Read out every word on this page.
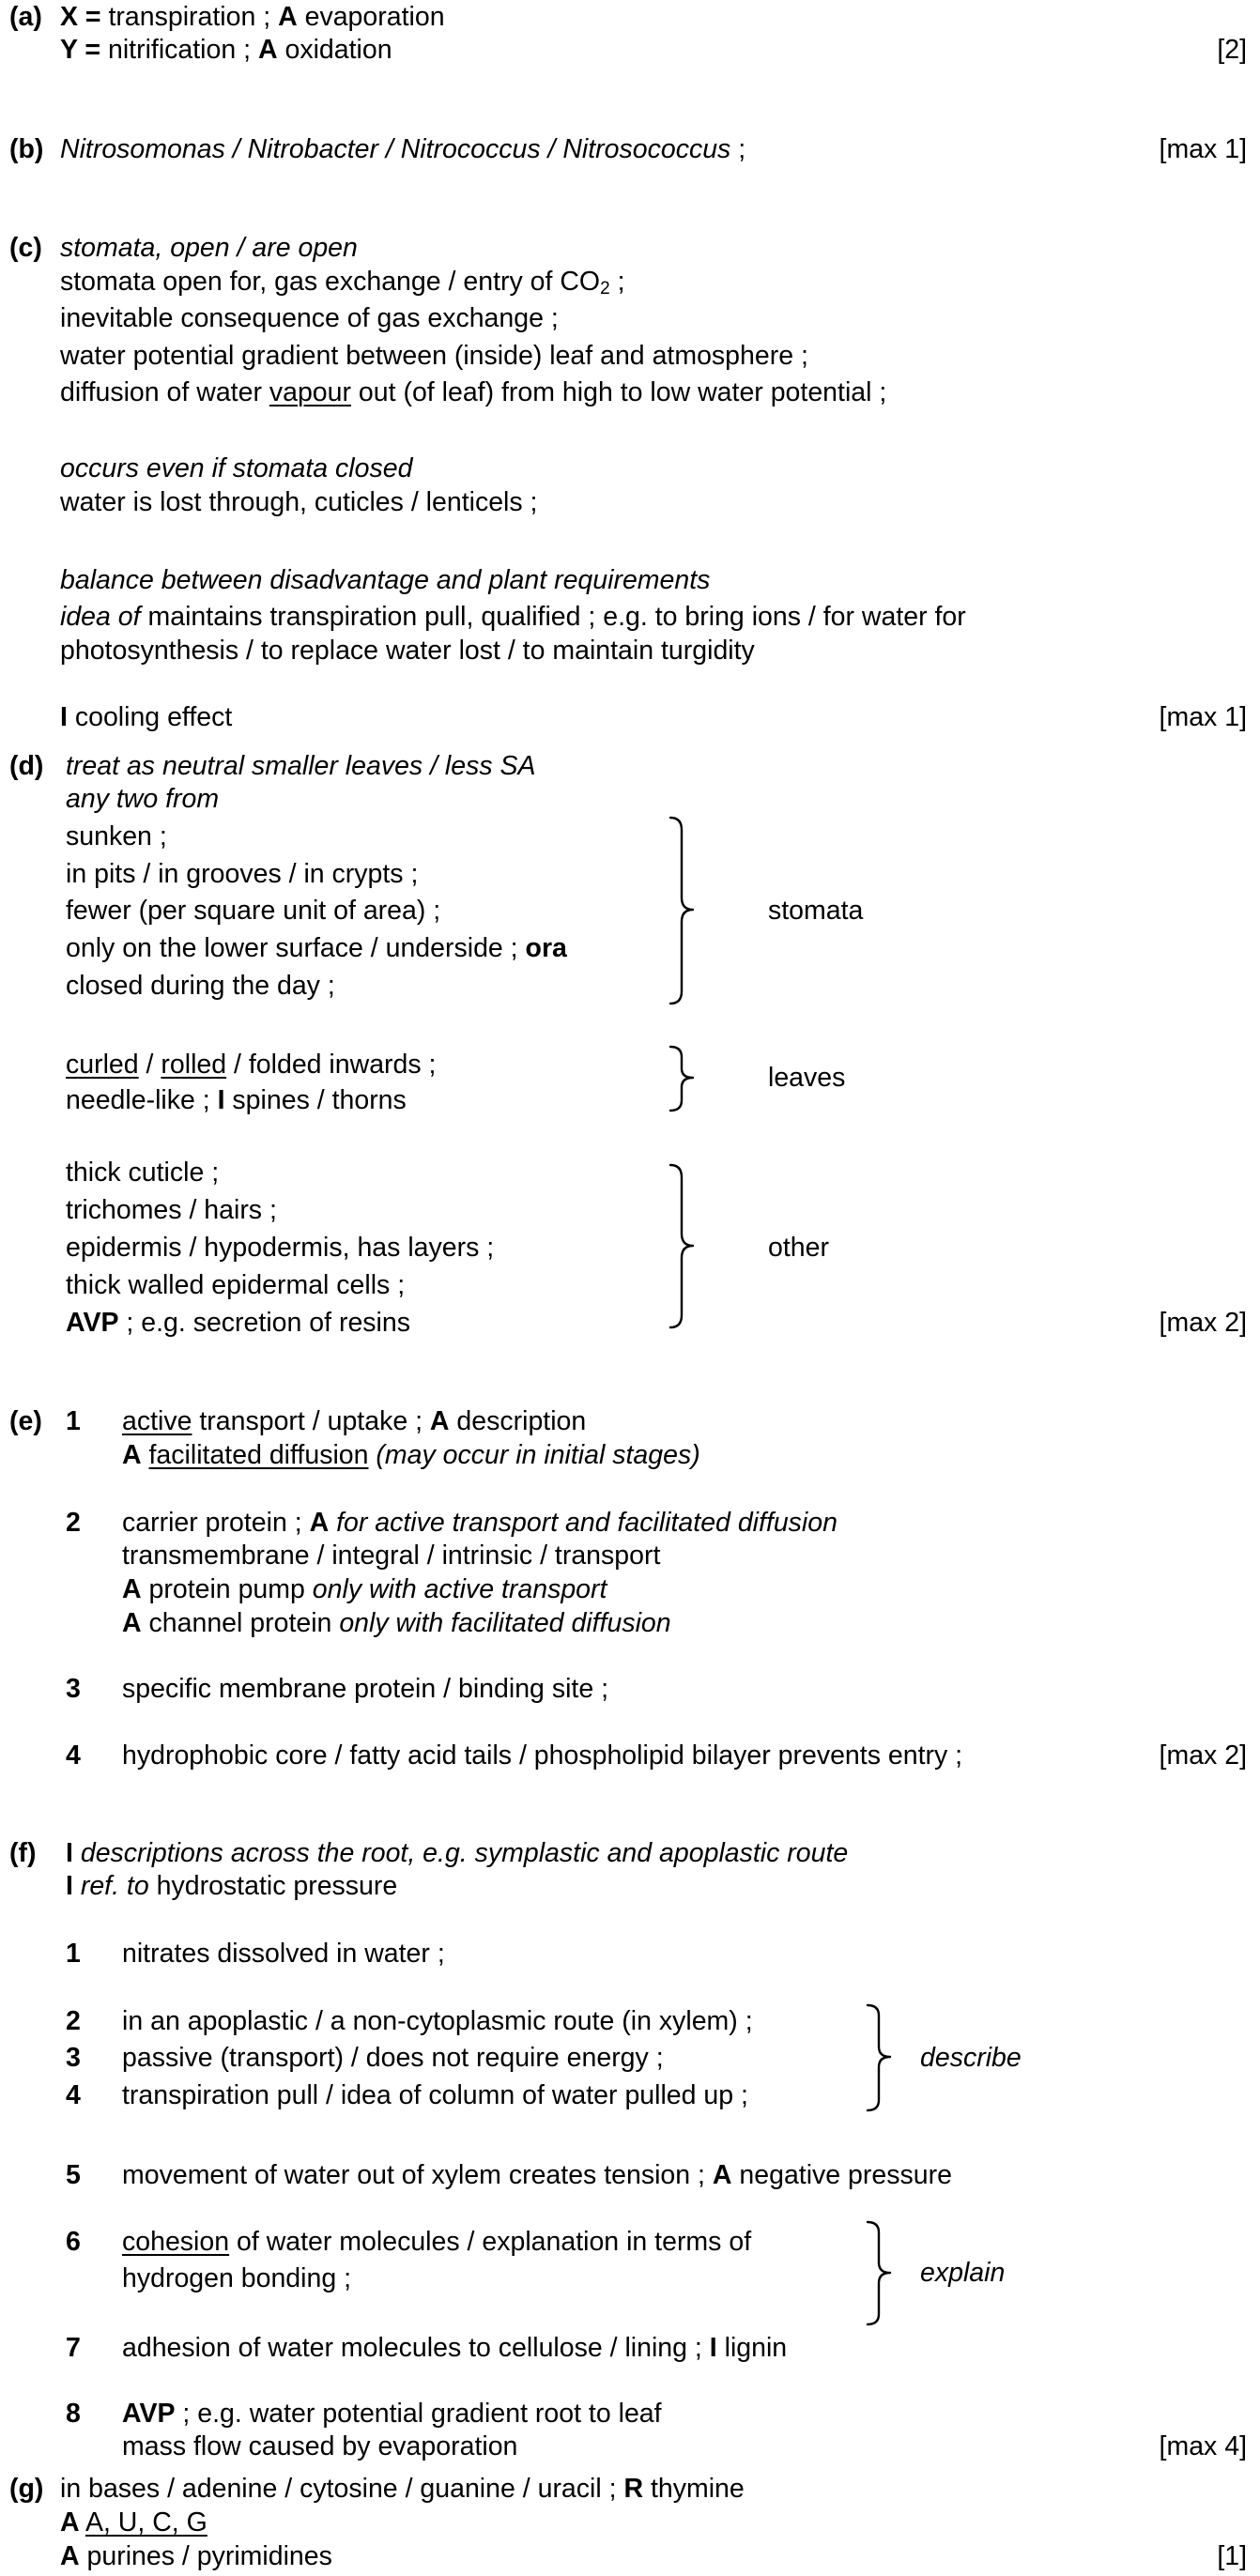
(a) X = transpiration ; A evaporation
Y = nitrification ; A oxidation	[2]
(b) Nitrosomonas / Nitrobacter / Nitrococcus / Nitrosococcus ;	[max 1]
(c) stomata, open / are open
stomata open for, gas exchange / entry of $CO_2$ ;
inevitable consequence of gas exchange ;
water potential gradient between (inside) leaf and atmosphere ;
diffusion of water vapour out (of leaf) from high to low water potential ;
occurs even if stomata closed
water is lost through, cuticles / lenticels ;
balance between disadvantage and plant requirements
idea of maintains transpiration pull, qualified ; e.g. to bring ions / for water for
photosynthesis / to replace water lost / to maintain turgidity
I cooling effect	[max 1]
(d) treat as neutral smaller leaves / less SA
any two from
sunken ;
in pits / in grooves / in crypts ;
fewer (per square unit of area) ;
only on the lower surface / underside ; ora
closed during the day ;
stomata
curled / rolled / folded inwards ;
needle-like ; I spines / thorns
leaves
thick cuticle ;
trichomes / hairs ;
epidermis / hypodermis, has layers ;
thick walled epidermal cells ;
AVP ; e.g. secretion of resins
other
[max 2]
(e) 1 active transport / uptake ; A description
A facilitated diffusion (may occur in initial stages)
2 carrier protein ; A for active transport and facilitated diffusion
transmembrane / integral / intrinsic / transport
A protein pump only with active transport
A channel protein only with facilitated diffusion
3 specific membrane protein / binding site ;
4 hydrophobic core / fatty acid tails / phospholipid bilayer prevents entry ;	[max 2]
(f) I descriptions across the root, e.g. symplastic and apoplastic route
I ref. to hydrostatic pressure
1 nitrates dissolved in water ;
2 in an apoplastic / a non-cytoplasmic route (in xylem) ;
3 passive (transport) / does not require energy ;
4 transpiration pull / idea of column of water pulled up ;
describe
5 movement of water out of xylem creates tension ; A negative pressure
6 cohesion of water molecules / explanation in terms of
hydrogen bonding ;	explain
7 adhesion of water molecules to cellulose / lining ; I lignin
8 AVP ; e.g. water potential gradient root to leaf
mass flow caused by evaporation	[max 4]
(g) in bases / adenine / cytosine / guanine / uracil ; R thymine
A A, U, C, G
A purines / pyrimidines	[1]
